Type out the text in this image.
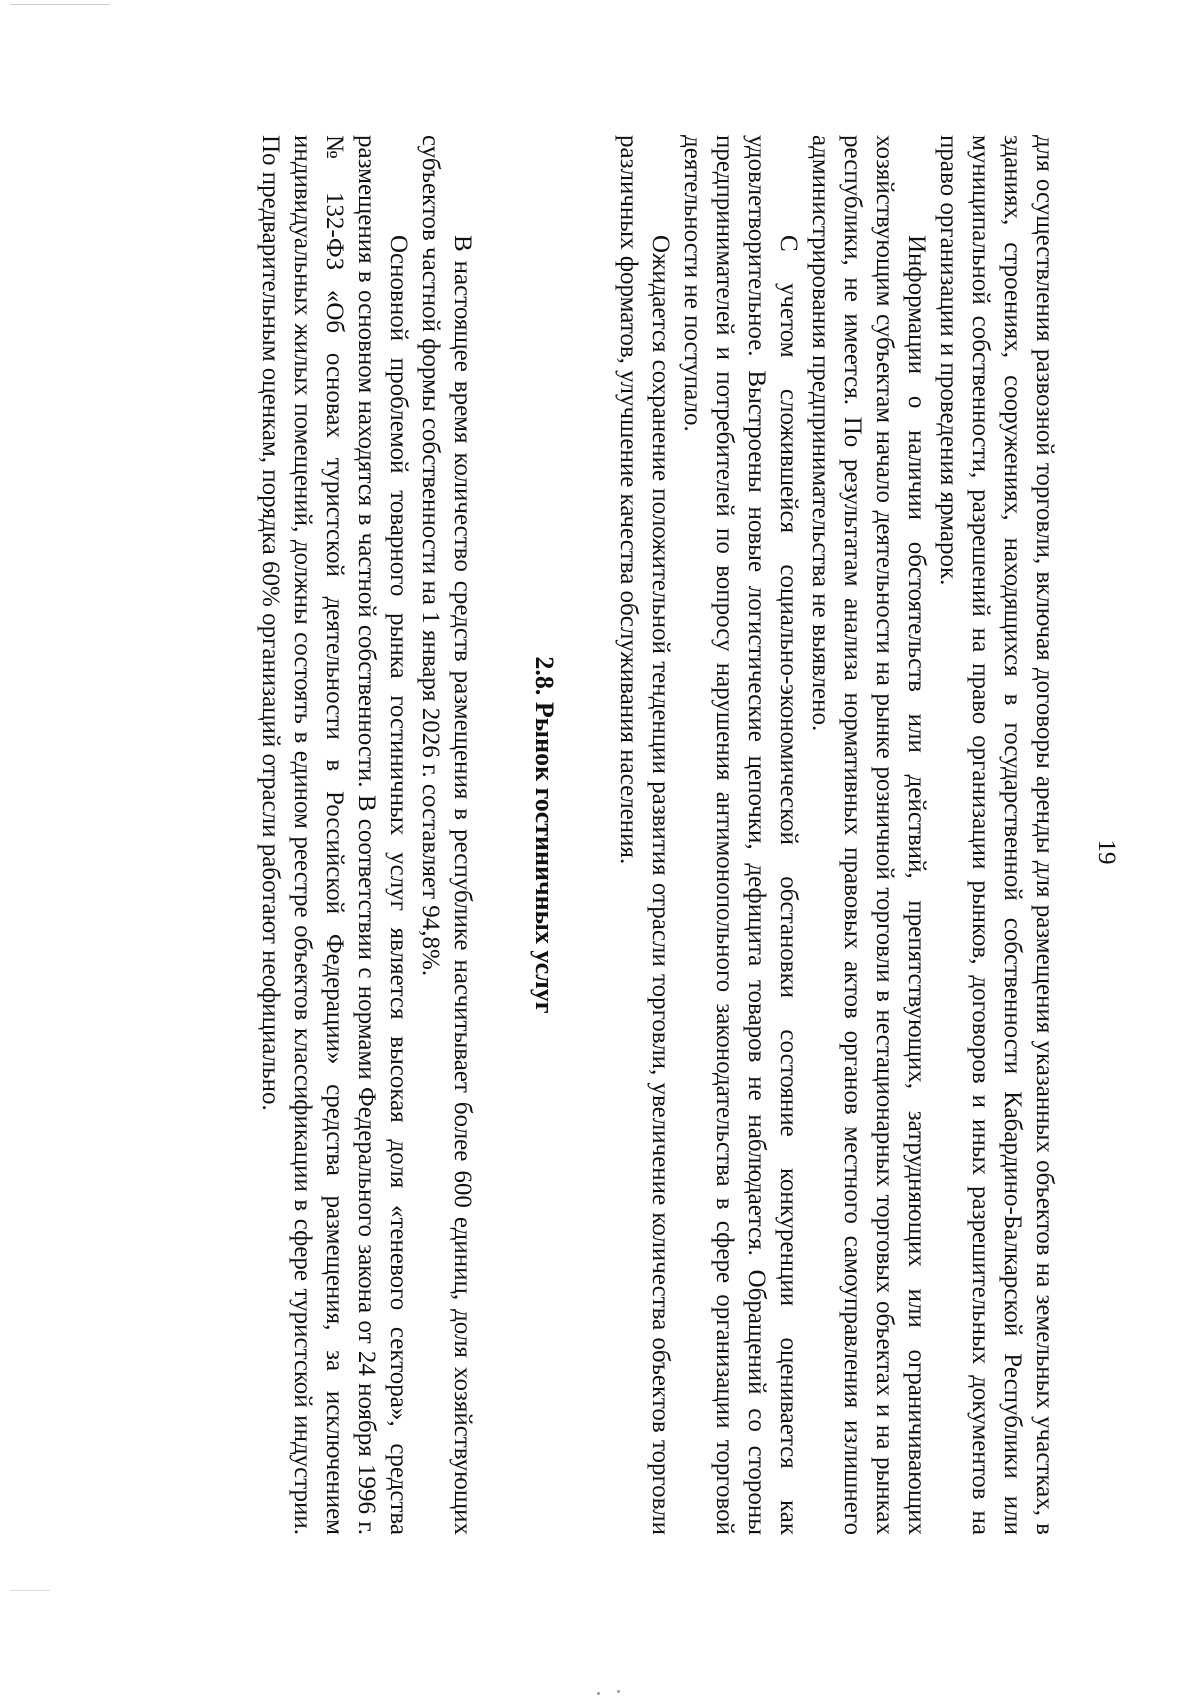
19

для осуществления развозной торговли, включая договоры аренды для размещения указанных объектов на земельных участках, в зданиях, строениях, сооружениях, находящихся в государственной собственности Кабардино-Балкарской Республики или муниципальной собственности, разрешений на право организации рынков, договоров и иных разрешительных документов на право организации и проведения ярмарок.

Информации о наличии обстоятельств или действий, препятствующих, затрудняющих или ограничивающих хозяйствующим субъектам начало деятельности на рынке розничной торговли в нестационарных торговых объектах и на рынках республики, не имеется. По результатам анализа нормативных правовых актов органов местного самоуправления излишнего администрирования предпринимательства не выявлено.

С учетом сложившейся социально-экономической обстановки состояние конкуренции оценивается как удовлетворительное. Выстроены новые логистические цепочки, дефицита товаров не наблюдается. Обращений со стороны предпринимателей и потребителей по вопросу нарушения антимонопольного законодательства в сфере организации торговой деятельности не поступало.

Ожидается сохранение положительной тенденции развития отрасли торговли, увеличение количества объектов торговли различных форматов, улучшение качества обслуживания населения.

2.8. Рынок гостиничных услуг

В настоящее время количество средств размещения в республике насчитывает более 600 единиц, доля хозяйствующих субъектов частной формы собственности на 1 января 2026 г. составляет 94,8%.

Основной проблемой товарного рынка гостиничных услуг является высокая доля «теневого сектора», средства размещения в основном находятся в частной собственности. В соответствии с нормами Федерального закона от 24 ноября 1996 г. № 132-ФЗ «Об основах туристской деятельности в Российской Федерации» средства размещения, за исключением индивидуальных жилых помещений, должны состоять в едином реестре объектов классификации в сфере туристской индустрии. По предварительным оценкам, порядка 60% организаций отрасли работают неофициально.
